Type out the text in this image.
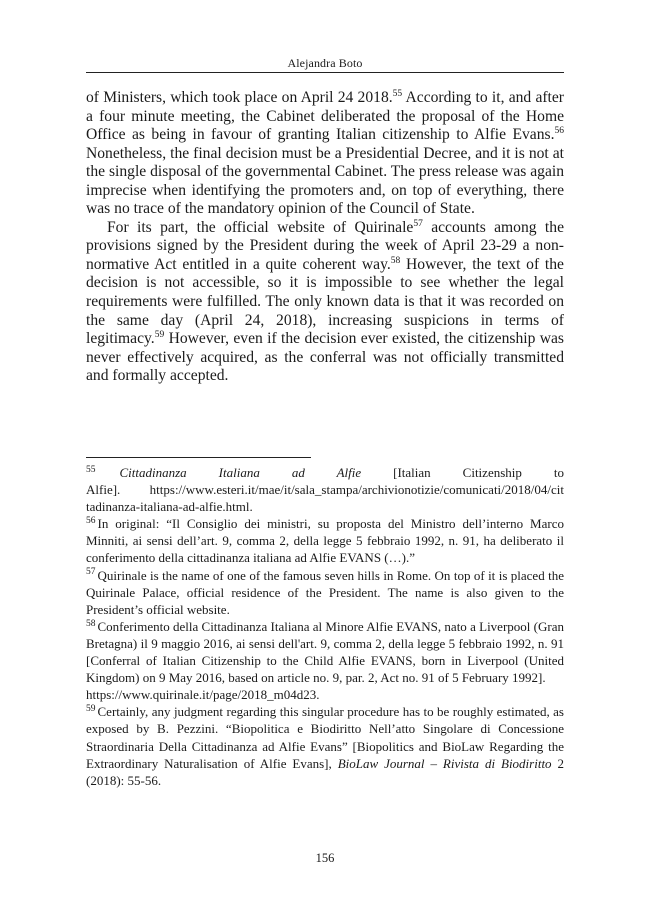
Alejandra Boto

of Ministers, which took place on April 24 2018.55 According to it, and after a four minute meeting, the Cabinet deliberated the proposal of the Home Office as being in favour of granting Italian citizenship to Alfie Evans.$^{56}$ Nonetheless, the final decision must be a Presidential Decree, and it is not at the single disposal of the governmental Cabinet. The press release was again imprecise when identifying the promoters and, on top of everything, there was no trace of the mandatory opinion of the Council of State.

For its part, the official website of Quirinale$^{57}$ accounts among the provisions signed by the President during the week of April 23-29 a non-normative Act entitled in a quite coherent way.$^{58}$ However, the text of the decision is not accessible, so it is impossible to see whether the legal requirements were fulfilled. The only known data is that it was recorded on the same day (April 24, 2018), increasing suspicions in terms of legitimacy.$^{59}$ However, even if the decision ever existed, the citizenship was never effectively acquired, as the conferral was not officially transmitted and formally accepted.

$^{55}$ Cittadinanza Italiana ad Alfie [Italian Citizenship to Alfie]. https://www.esteri.it/mae/it/sala_stampa/archivionotizie/comunicati/2018/04/cittadinanza-italiana-ad-alfie.html.

$^{56}$ In original: “Il Consiglio dei ministri, su proposta del Ministro dell’interno Marco Minniti, ai sensi dell’art. 9, comma 2, della legge 5 febbraio 1992, n. 91, ha deliberato il conferimento della cittadinanza italiana ad Alfie EVANS (…).”

$^{57}$ Quirinale is the name of one of the famous seven hills in Rome. On top of it is placed the Quirinale Palace, official residence of the President. The name is also given to the President’s official website.

$^{58}$ Conferimento della Cittadinanza Italiana al Minore Alfie EVANS, nato a Liverpool (Gran Bretagna) il 9 maggio 2016, ai sensi dell'art. 9, comma 2, della legge 5 febbraio 1992, n. 91 [Conferral of Italian Citizenship to the Child Alfie EVANS, born in Liverpool (United Kingdom) on 9 May 2016, based on article no. 9, par. 2, Act no. 91 of 5 February 1992].
https://www.quirinale.it/page/2018_m04d23.

$^{59}$ Certainly, any judgment regarding this singular procedure has to be roughly estimated, as exposed by B. Pezzini. “Biopolitica e Biodiritto Nell’atto Singolare di Concessione Straordinaria Della Cittadinanza ad Alfie Evans” [Biopolitics and BioLaw Regarding the Extraordinary Naturalisation of Alfie Evans], BioLaw Journal – Rivista di Biodiritto 2 (2018): 55-56.

156
